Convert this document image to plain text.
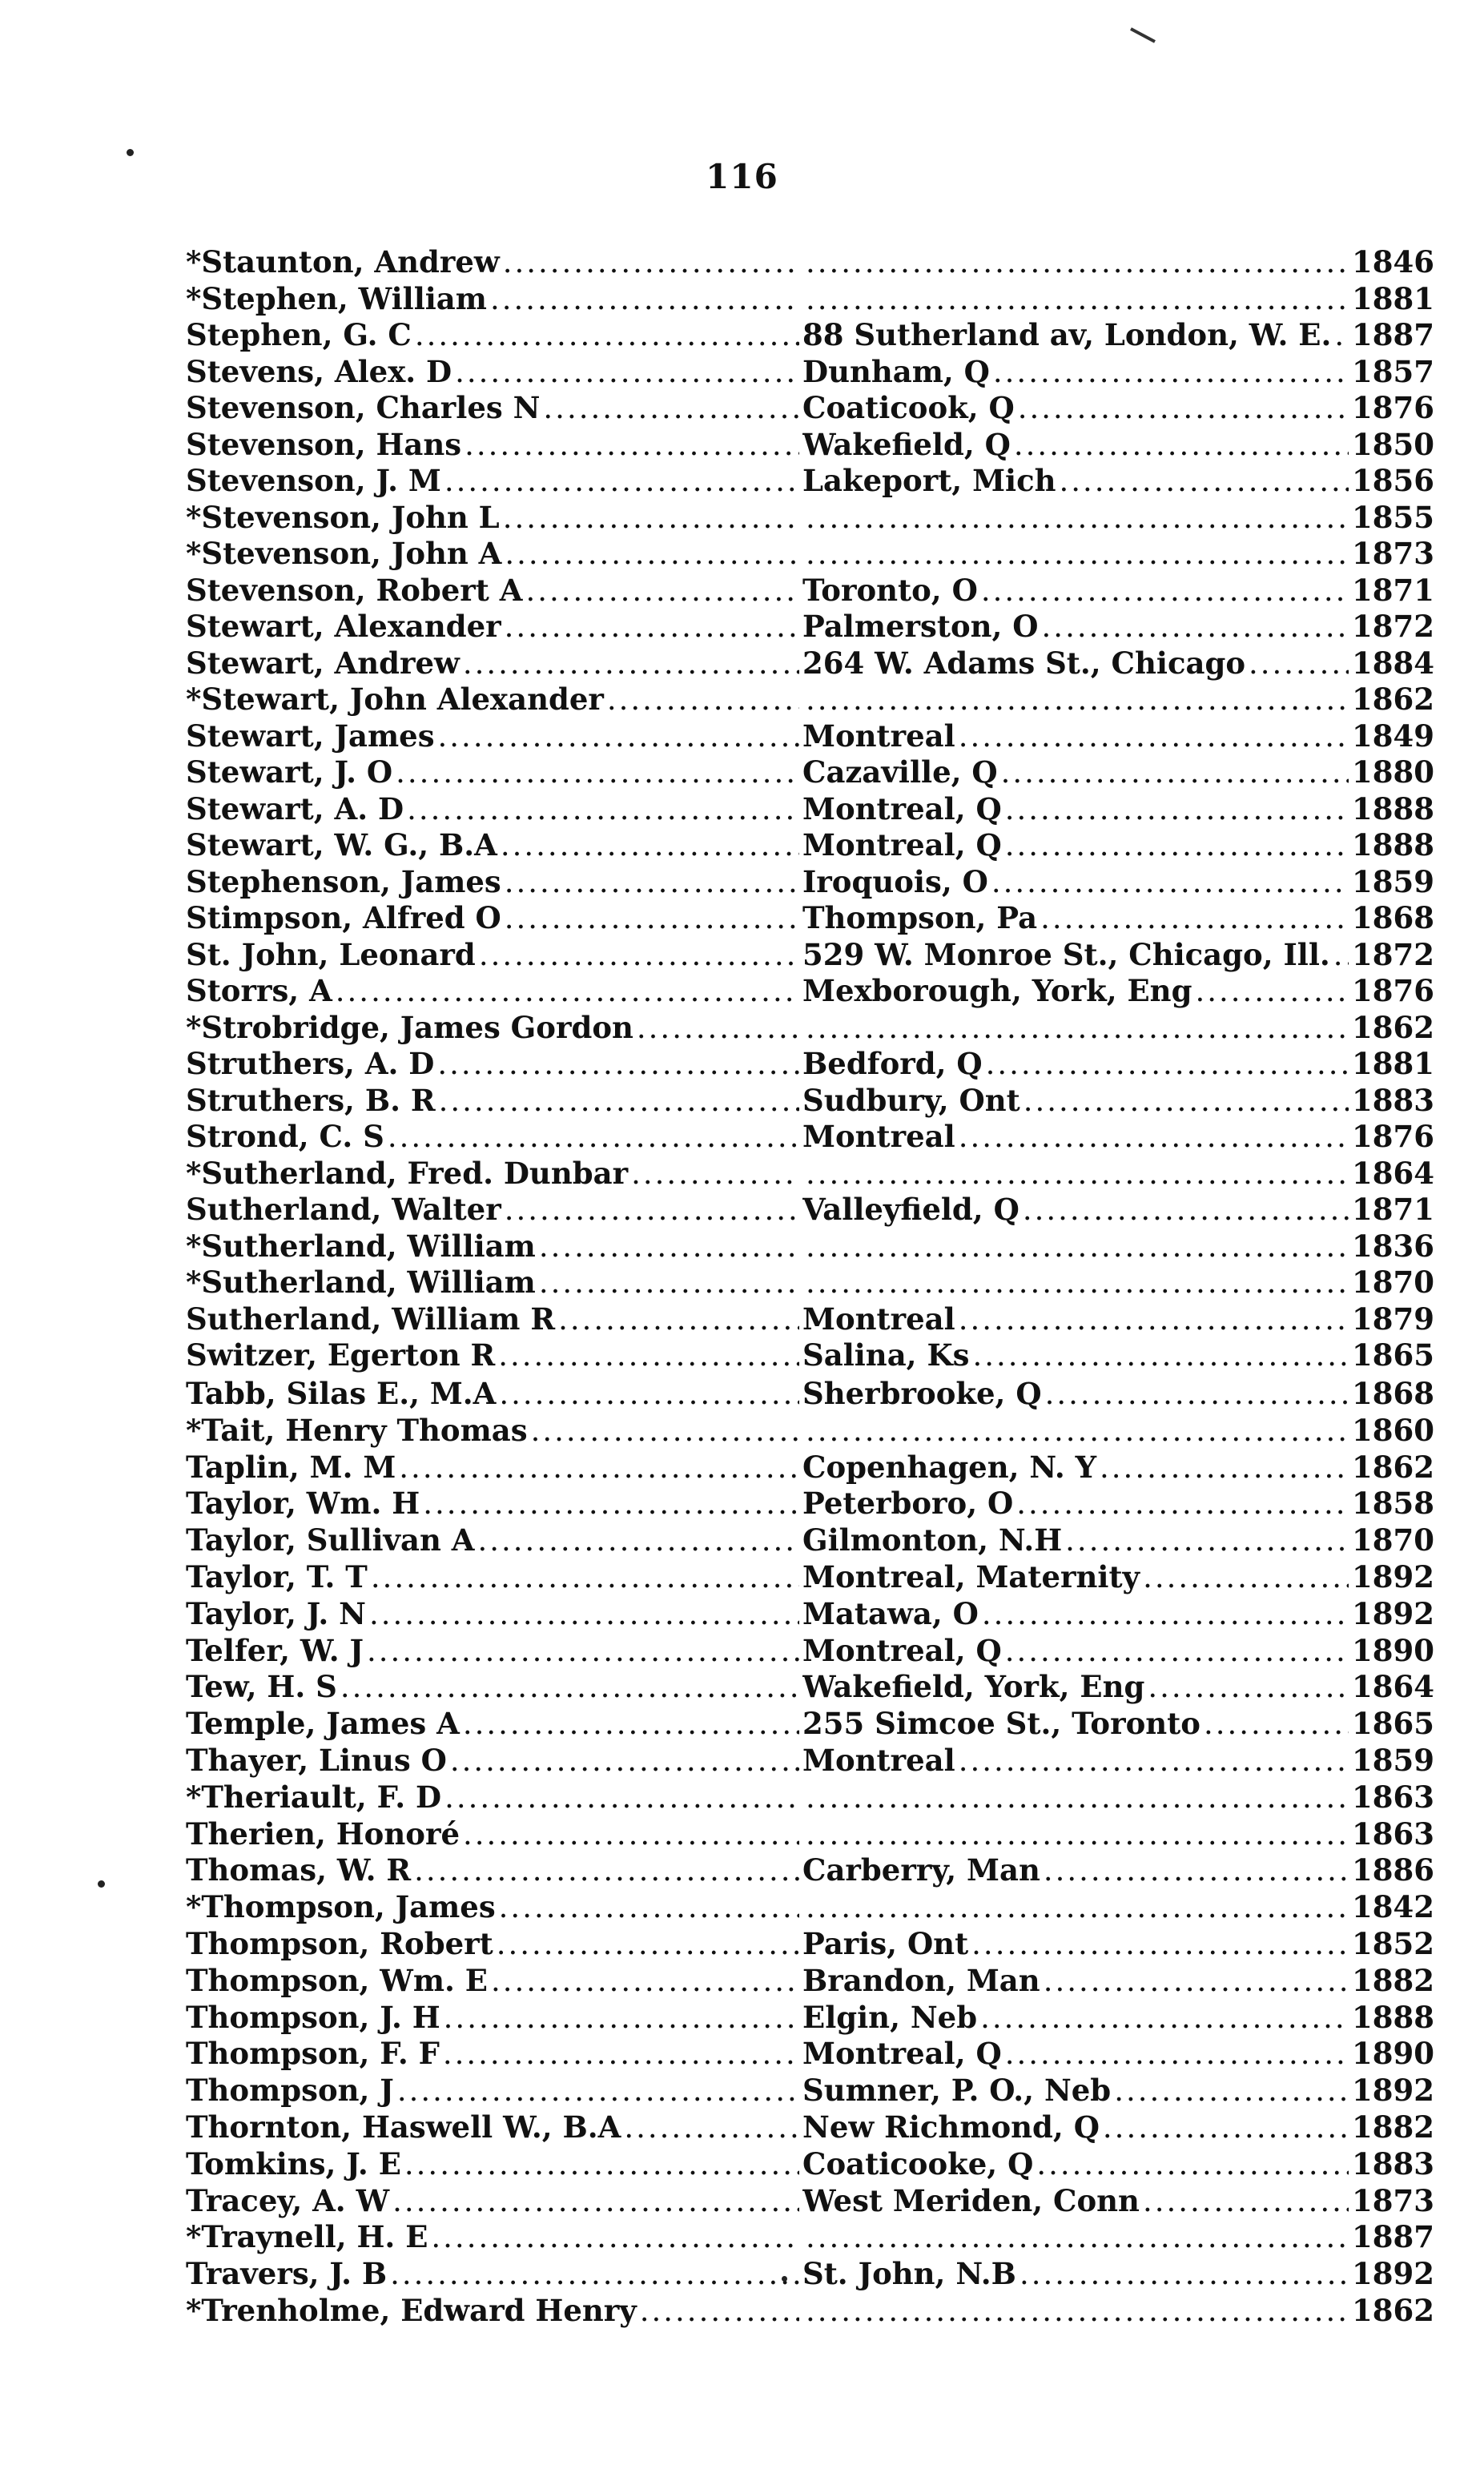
116
*Staunton, Andrew ..... .....	1846
*Stephen, William ..... .....	1881
Stephen, G. C .....	88 Sutherland av, London, W. E. ..... 1887
Stevens, Alex. D .....	Dunham, Q .....	1857
Stevenson, Charles N .....	Coaticook, Q .....	1876
Stevenson, Hans .....	Wakefield, Q .....	1850
Stevenson, J. M .....	Lakeport, Mich .....	1856
*Stevenson, John L ..... .....	1855
*Stevenson, John A ..... .....	1873
Stevenson, Robert A .....	Toronto, O .....	1871
Stewart, Alexander .....	Palmerston, O .....	1872
Stewart, Andrew .....	264 W. Adams St., Chicago .....	1884
*Stewart, John Alexander ..... .....	1862
Stewart, James .....	Montreal .....	1849
Stewart, J. O .....	Cazaville, Q .....	1880
Stewart, A. D .....	Montreal, Q .....	1888
Stewart, W. G., B.A .....	Montreal, Q .....	1888
Stephenson, James .....	Iroquois, O .....	1859
Stimpson, Alfred O .....	Thompson, Pa .....	1868
St. John, Leonard .....	529 W. Monroe St., Chicago, Ill. ..... 1872
Storrs, A .....	Mexborough, York, Eng .....	1876
*Strobridge, James Gordon ..... .....	1862
Struthers, A. D .....	Bedford, Q .....	1881
Struthers, B. R .....	Sudbury, Ont .....	1883
Strond, C. S .....	Montreal .....	1876
*Sutherland, Fred. Dunbar ..... .....	1864
Sutherland, Walter .....	Valleyfield, Q .....	1871
*Sutherland, William ..... .....	1836
*Sutherland, William ..... .....	1870
Sutherland, William R .....	Montreal .....	1879
Switzer, Egerton R .....	Salina, Ks .....	1865
Tabb, Silas E., M.A .....	Sherbrooke, Q .....	1868
*Tait, Henry Thomas ..... .....	1860
Taplin, M. M .....	Copenhagen, N. Y .....	1862
Taylor, Wm. H .....	Peterboro, O .....	1858
Taylor, Sullivan A .....	Gilmonton, N.H .....	1870
Taylor, T. T .....	Montreal, Maternity .....	1892
Taylor, J. N .....	Matawa, O .....	1892
Telfer, W. J .....	Montreal, Q .....	1890
Tew, H. S .....	Wakefield, York, Eng .....	1864
Temple, James A .....	255 Simcoe St., Toronto .....	1865
Thayer, Linus O .....	Montreal .....	1859
*Theriault, F. D ..... .....	1863
Therien, Honoré ..... .....	1863
Thomas, W. R .....	Carberry, Man .....	1886
*Thompson, James ..... .....	1842
Thompson, Robert .....	Paris, Ont .....	1852
Thompson, Wm. E .....	Brandon, Man .....	1882
Thompson, J. H .....	Elgin, Neb .....	1888
Thompson, F. F .....	Montreal, Q .....	1890
Thompson, J .....	Sumner, P. O., Neb .....	1892
Thornton, Haswell W., B.A .....	New Richmond, Q .....	1882
Tomkins, J. E .....	Coaticooke, Q .....	1883
Tracey, A. W .....	West Meriden, Conn .....	1873
*Traynell, H. E ..... .....	1887
Travers, J. B .....	St. John, N.B .....	1892
*Trenholme, Edward Henry ..... .....	1862
